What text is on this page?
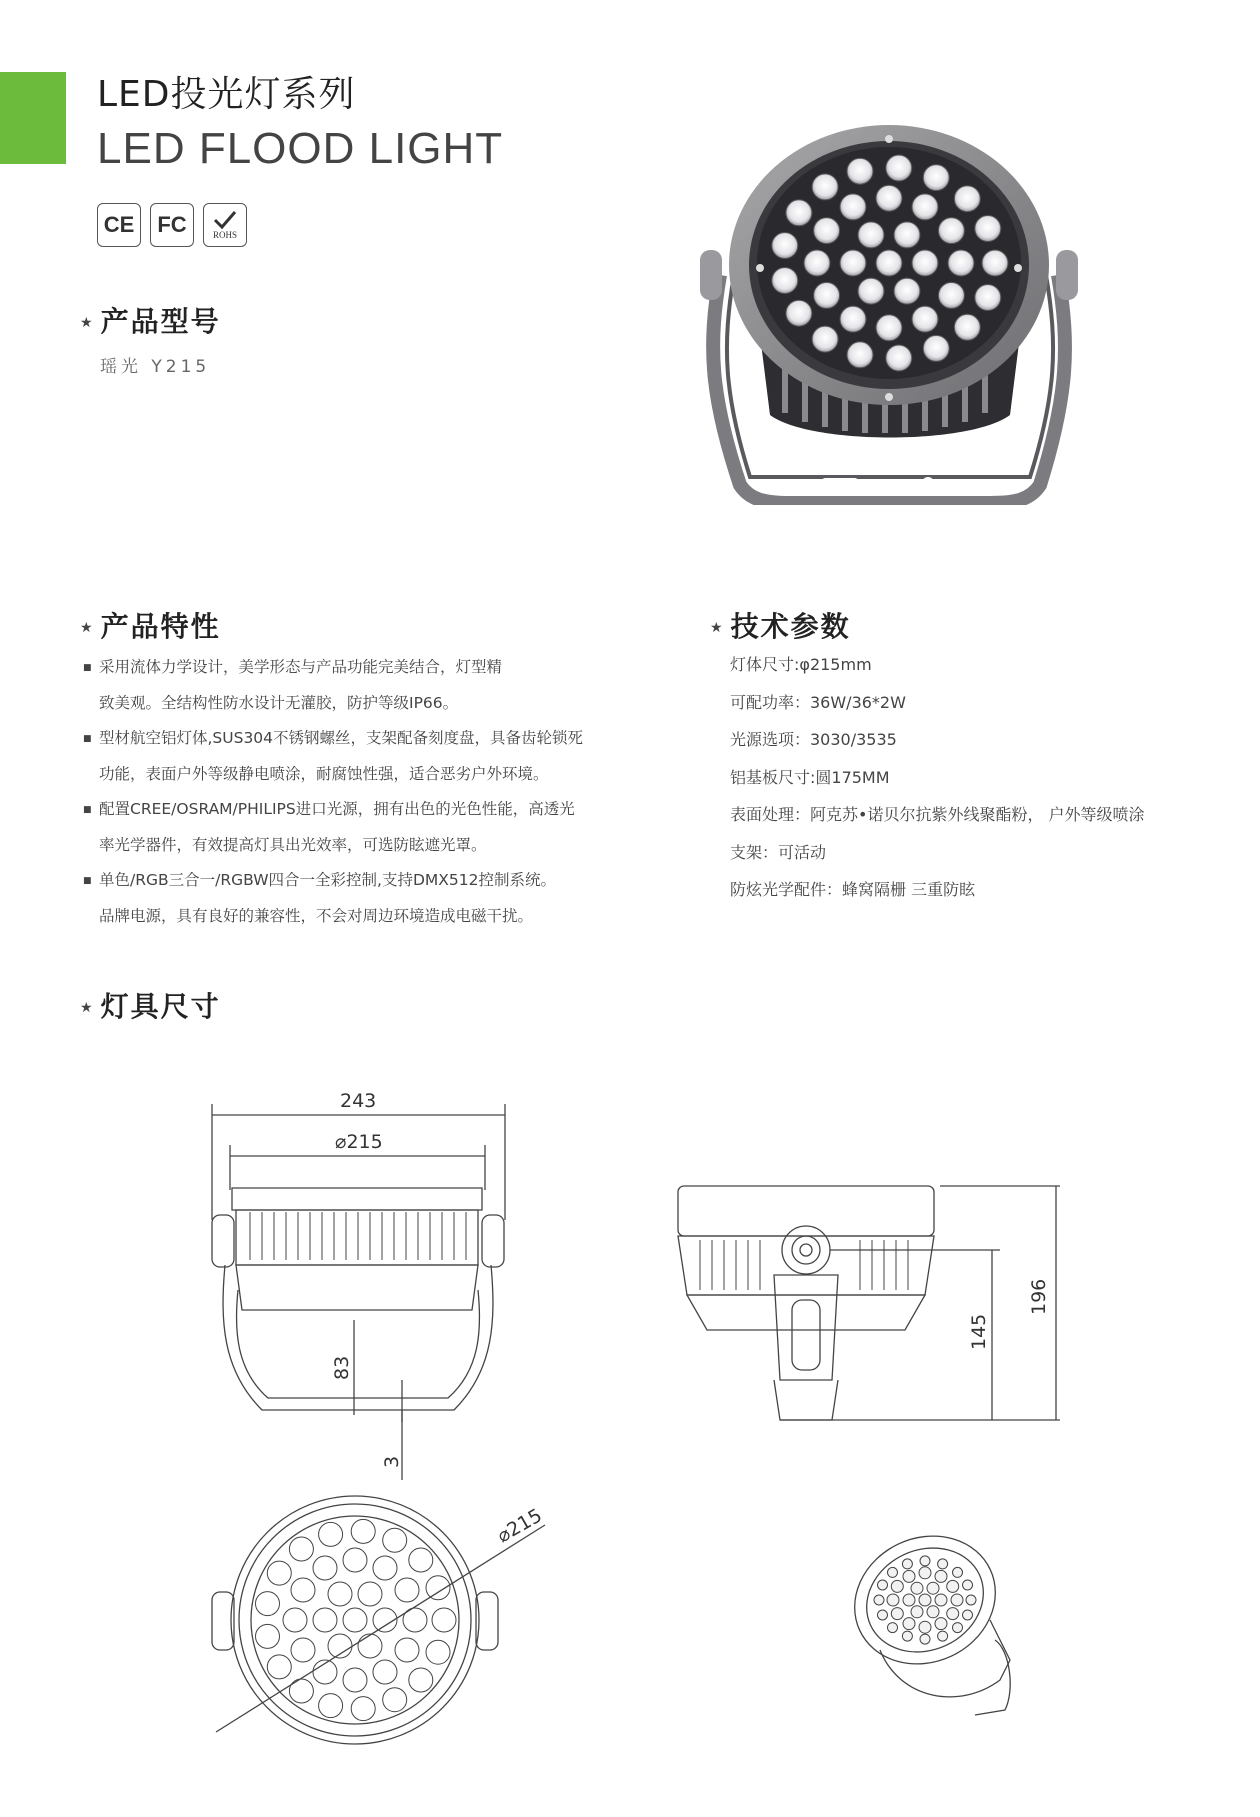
LED投光灯系列
LED FLOOD LIGHT
CE FC	ROHS
★ 产品型号
瑶光 Y215
★ 产品特性
■ 采用流体力学设计，美学形态与产品功能完美结合，灯型精
致美观。全结构性防水设计无灌胶，防护等级IP66。
■ 型材航空铝灯体,SUS304不锈钢螺丝，支架配备刻度盘，具备齿轮锁死
功能，表面户外等级静电喷涂，耐腐蚀性强，适合恶劣户外环境。
■ 配置CREE/OSRAM/PHILIPS进口光源，拥有出色的光色性能，高透光
率光学器件，有效提高灯具出光效率，可选防眩遮光罩。
■ 单色/RGB三合一/RGBW四合一全彩控制,支持DMX512控制系统。
品牌电源，具有良好的兼容性，不会对周边环境造成电磁干扰。
★ 技术参数
灯体尺寸:φ215mm
可配功率：36W/36*2W
光源选项：3030/3535
铝基板尺寸:圆175MM
表面处理：阿克苏•诺贝尔抗紫外线聚酯粉， 户外等级喷涂
支架：可活动
防炫光学配件：蜂窝隔栅 三重防眩
★ 灯具尺寸
243
⌀215
83
3
145
196
⌀215
